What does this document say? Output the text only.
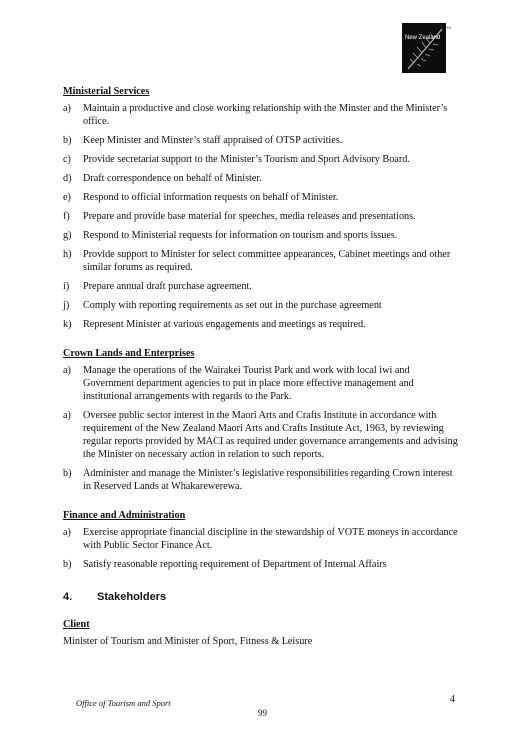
New Zealand
™
Ministerial Services
a)	Maintain a productive and close working relationship with the Minster and the Minister’s office.
b)	Keep Minister and Minster’s staff appraised of OTSP activities.
c)	Provide secretariat support to the Minister’s Tourism and Sport Advisory Board.
d)	Draft correspondence on behalf of Minister.
e)	Respond to official information requests on behalf of Minister.
f)	Prepare and provide base material for speeches, media releases and presentations.
g)	Respond to Ministerial requests for information on tourism and sports issues.
h)	Provide support to Minister for select committee appearances, Cabinet meetings and other similar forums as required.
i)	Prepare annual draft purchase agreement.
j)	Comply with reporting requirements as set out in the purchase agreement
k)	Represent Minister at various engagements and meetings as required.
Crown Lands and Enterprises
a)	Manage the operations of the Wairakei Tourist Park and work with local iwi and Government department agencies to put in place more effective management and institutional arrangements with regards to the Park.
a)	Oversee public sector interest in the Maori Arts and Crafts Institute in accordance with requirement of the New Zealand Maori Arts and Crafts Institute Act, 1963, by reviewing regular reports provided by MACI as required under governance arrangements and advising the Minister on necessary action in relation to such reports.
b)	Administer and manage the Minister’s legislative responsibilities regarding Crown interest in Reserved Lands at Whakarewerewa.
Finance and Administration
a)	Exercise appropriate financial discipline in the stewardship of VOTE moneys in accordance with Public Sector Finance Act.
b)	Satisfy reasonable reporting requirement of Department of Internal Affairs
4.	Stakeholders
Client
Minister of Tourism and Minister of Sport, Fitness & Leisure
Office of Tourism and Sport	4
99
